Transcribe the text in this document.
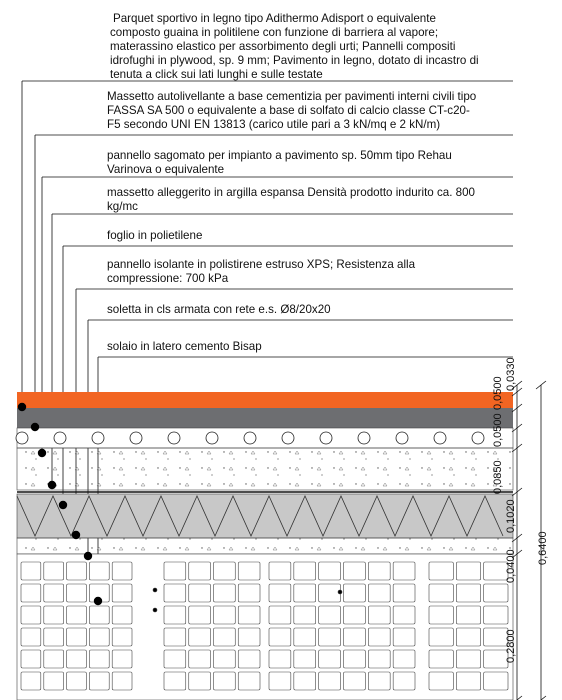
Parquet sportivo in legno tipo Adithermo Adisport o equivalente
composto guaina in politilene con funzione di barriera al vapore;
materassino elastico per assorbimento degli urti; Pannelli compositi
idrofughi in plywood, sp. 9 mm; Pavimento in legno, dotato di incastro di
tenuta a click sui lati lunghi e sulle testate
Massetto autolivellante a base cementizia per pavimenti interni civili tipo
FASSA SA 500 o equivalente a base di solfato di calcio classe CT-c20-
F5 secondo UNI EN 13813 (carico utile pari a 3 kN/mq e 2 kN/m)
pannello sagomato per impianto a pavimento sp. 50mm tipo Rehau
Varinova o equivalente
massetto alleggerito in argilla espansa Densità prodotto indurito ca. 800
kg/mc
foglio in polietilene
pannello isolante in polistirene estruso XPS; Resistenza alla
compressione: 700 kPa
soletta in cls armata con rete e.s. Ø8/20x20
solaio in latero cemento Bisap
0,0330
0,0500
0,0500
0,0850
0,1020
0,0400
0,2800
0,6400
